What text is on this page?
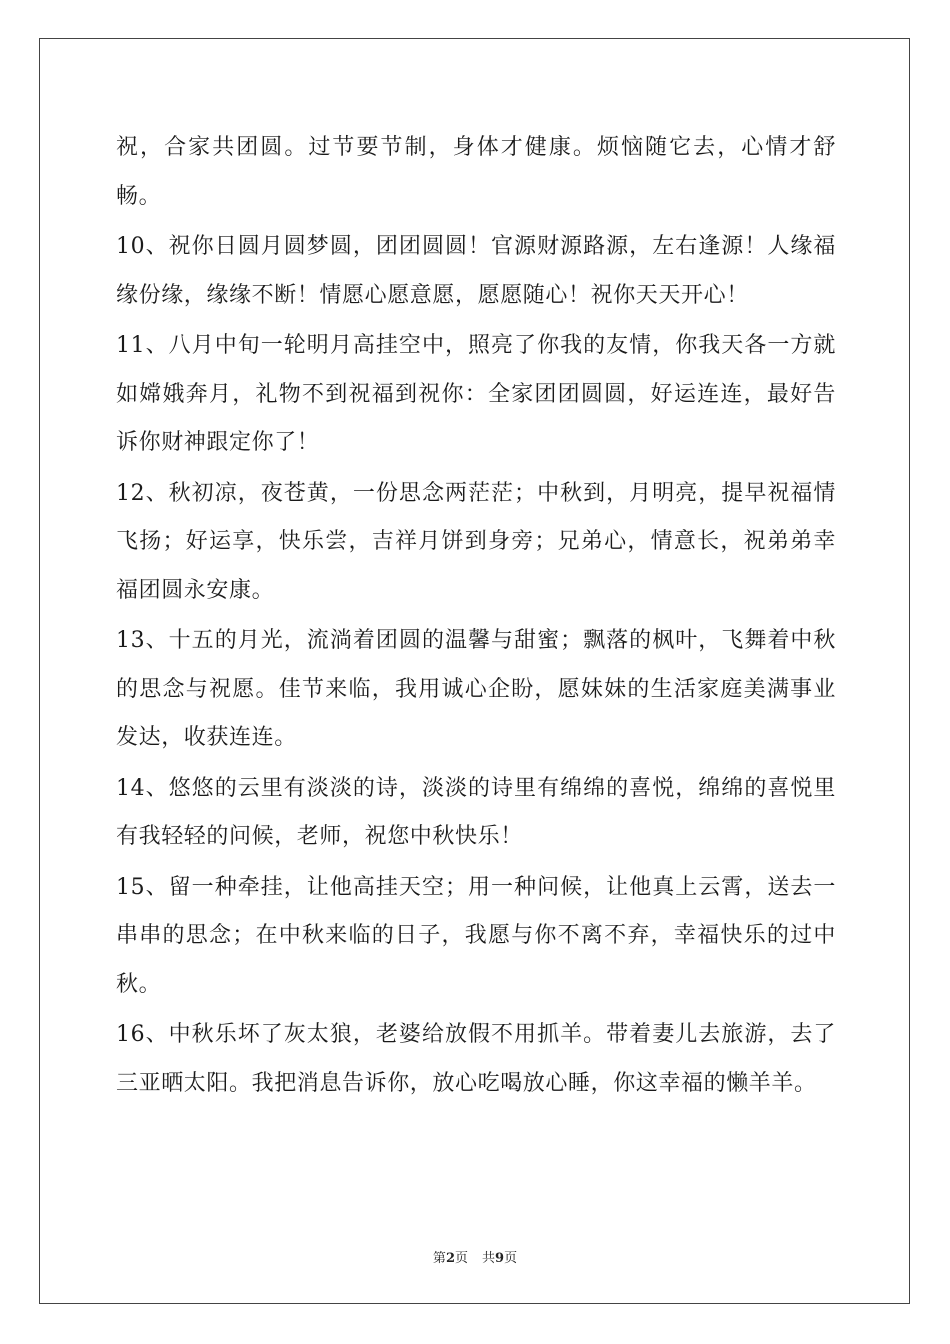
祝，合家共团圆。过节要节制，身体才健康。烦恼随它去，心情才舒畅。

10、祝你日圆月圆梦圆，团团圆圆！官源财源路源，左右逢源！人缘福缘份缘，缘缘不断！情愿心愿意愿，愿愿随心！祝你天天开心！

11、八月中旬一轮明月高挂空中，照亮了你我的友情，你我天各一方就如嫦娥奔月，礼物不到祝福到祝你：全家团团圆圆，好运连连，最好告诉你财神跟定你了！

12、秋初凉，夜苍黄，一份思念两茫茫；中秋到，月明亮，提早祝福情飞扬；好运享，快乐尝，吉祥月饼到身旁；兄弟心，情意长，祝弟弟幸福团圆永安康。

13、十五的月光，流淌着团圆的温馨与甜蜜；飘落的枫叶，飞舞着中秋的思念与祝愿。佳节来临，我用诚心企盼，愿妹妹的生活家庭美满事业发达，收获连连。

14、悠悠的云里有淡淡的诗，淡淡的诗里有绵绵的喜悦，绵绵的喜悦里有我轻轻的问候，老师，祝您中秋快乐！

15、留一种牵挂，让他高挂天空；用一种问候，让他真上云霄，送去一串串的思念；在中秋来临的日子，我愿与你不离不弃，幸福快乐的过中秋。

16、中秋乐坏了灰太狼，老婆给放假不用抓羊。带着妻儿去旅游，去了三亚晒太阳。我把消息告诉你，放心吃喝放心睡，你这幸福的懒羊羊。

第2页 共9页
